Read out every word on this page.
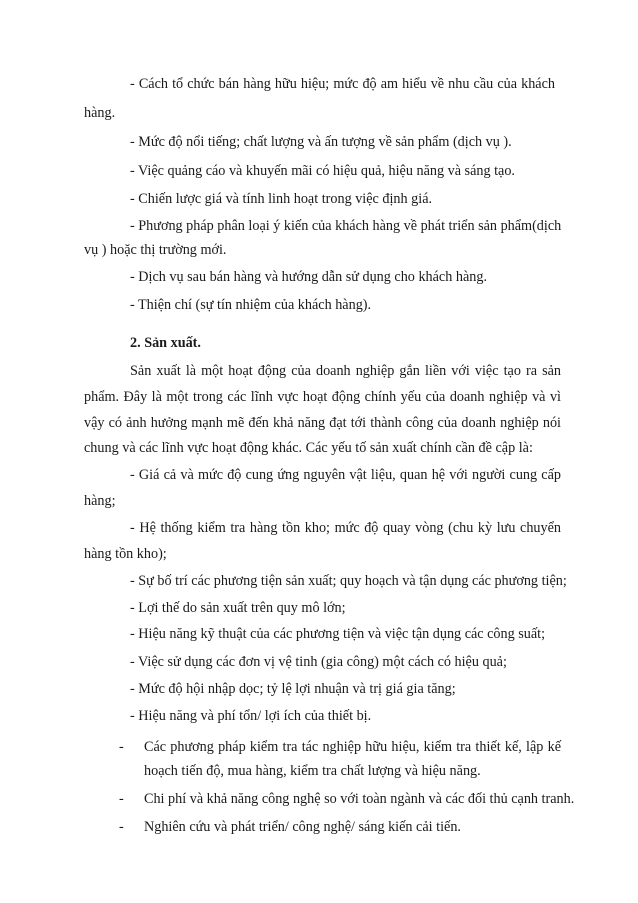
- Cách tổ chức bán hàng hữu hiệu; mức độ am hiểu về nhu cầu của khách
hàng.
- Mức độ nổi tiếng; chất lượng và ấn tượng về sản phẩm (dịch vụ ).
- Việc quảng cáo và khuyến mãi có hiệu quả, hiệu năng và sáng tạo.
- Chiến lược giá và tính linh hoạt trong việc định giá.
- Phương pháp phân loại ý kiến của khách hàng về phát triển sản phẩm(dịch
vụ ) hoặc thị trường mới.
- Dịch vụ sau bán hàng và hướng dẫn sử dụng cho khách hàng.
- Thiện chí (sự tín nhiệm của khách hàng).
2. Sản xuất.
Sản xuất là một hoạt động của doanh nghiệp gắn liền với việc tạo ra sản
phẩm. Đây là một trong các lĩnh vực hoạt động chính yếu của doanh nghiệp và vì
vậy có ảnh hưởng mạnh mẽ đến khả năng đạt tới thành công của doanh nghiệp nói
chung và các lĩnh vực hoạt động khác. Các yếu tố sản xuất chính cần đề cập là:
- Giá cả và mức độ cung ứng nguyên vật liệu, quan hệ với người cung cấp
hàng;
- Hệ thống kiểm tra hàng tồn kho; mức độ quay vòng (chu kỳ lưu chuyển
hàng tồn kho);
- Sự bố trí các phương tiện sản xuất; quy hoạch và tận dụng các phương tiện;
- Lợi thế do sản xuất trên quy mô lớn;
- Hiệu năng kỹ thuật của các phương tiện và việc tận dụng các công suất;
- Việc sử dụng các đơn vị vệ tinh (gia công) một cách có hiệu quả;
- Mức độ hội nhập dọc; tỷ lệ lợi nhuận và trị giá gia tăng;
- Hiệu năng và phí tổn/ lợi ích của thiết bị.
- Các phương pháp kiểm tra tác nghiệp hữu hiệu, kiểm tra thiết kế, lập kế
hoạch tiến độ, mua hàng, kiểm tra chất lượng và hiệu năng.
- Chi phí và khả năng công nghệ so với toàn ngành và các đối thủ cạnh tranh.
- Nghiên cứu và phát triển/ công nghệ/ sáng kiến cải tiến.
